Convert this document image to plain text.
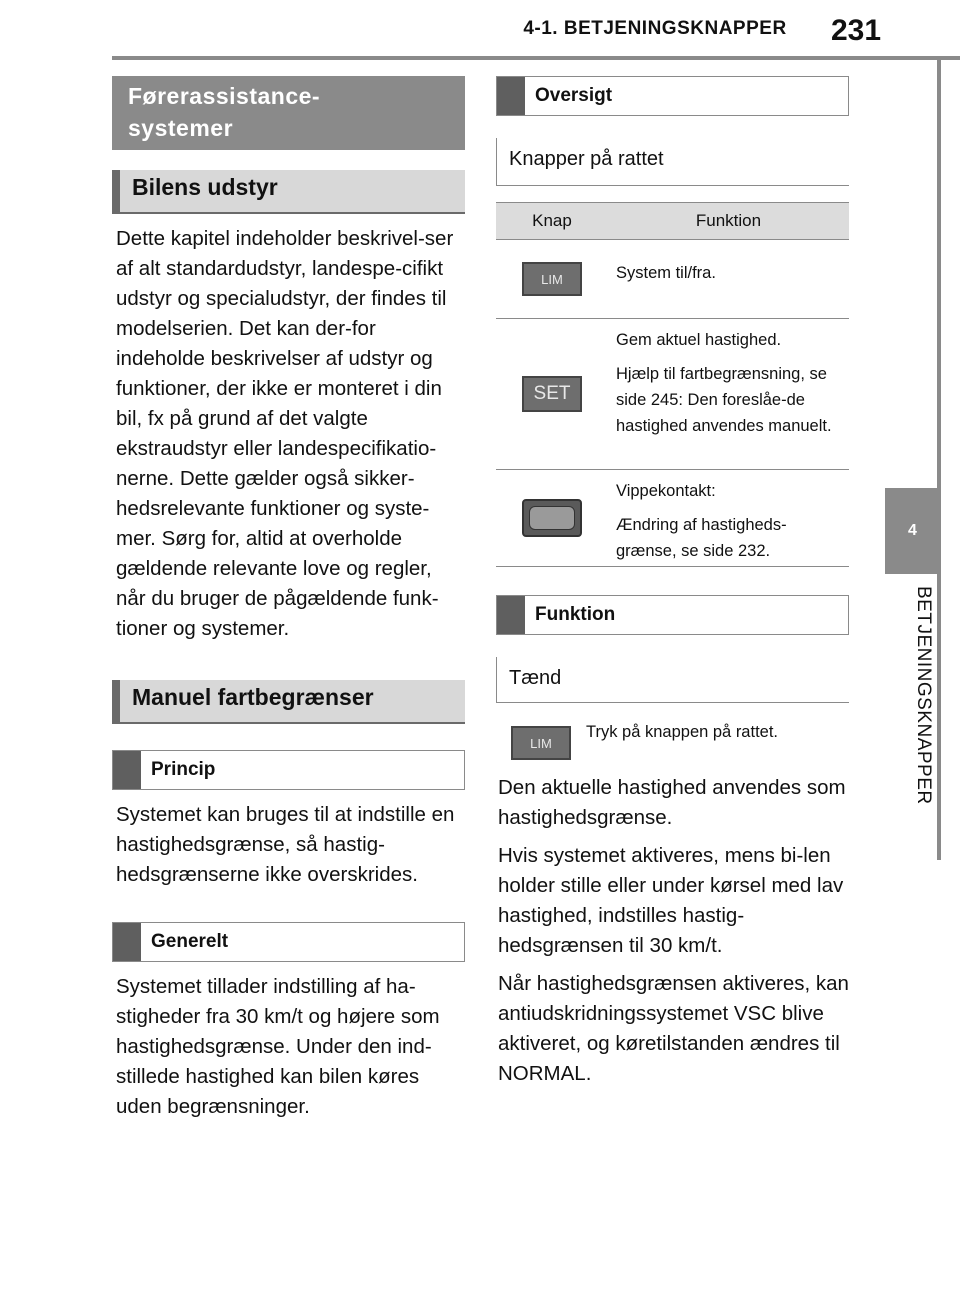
4-1. BETJENINGSKNAPPER 231
4
BETJENINGSKNAPPER
Førerassistance-
systemer
Bilens udstyr

Dette kapitel indeholder beskrivel-ser af alt standardudstyr, landespe-cifikt udstyr og specialudstyr, der findes til modelserien. Det kan der-for indeholde beskrivelser af udstyr og funktioner, der ikke er monteret i din bil, fx på grund af det valgte ekstraudstyr eller landespecifikatio-nerne. Dette gælder også sikker-hedsrelevante funktioner og syste-mer. Sørg for, altid at overholde gældende relevante love og regler, når du bruger de pågældende funk-tioner og systemer.

Manuel fartbegrænser
Princip

Systemet kan bruges til at indstille en hastighedsgrænse, så hastig-hedsgrænserne ikke overskrides.

Generelt

Systemet tillader indstilling af ha-stigheder fra 30 km/t og højere som hastighedsgrænse. Under den ind-stillede hastighed kan bilen køres uden begrænsninger.

Oversigt
Knapper på rattet
Knap	Funktion
LIM	System til/fra.
SET
Gem aktuel hastighed.
Hjælp til fartbegrænsning, se side 245: Den foreslåe-de hastighed anvendes manuelt.
Vippekontakt:
Ændring af hastigheds-grænse, se side 232.
Funktion
Tænd
LIM
Tryk på knappen på rattet.

Den aktuelle hastighed anvendes som hastighedsgrænse.

Hvis systemet aktiveres, mens bi-len holder stille eller under kørsel med lav hastighed, indstilles hastig-hedsgrænsen til 30 km/t.

Når hastighedsgrænsen aktiveres, kan antiudskridningssystemet VSC blive aktiveret, og køretilstanden ændres til NORMAL.
